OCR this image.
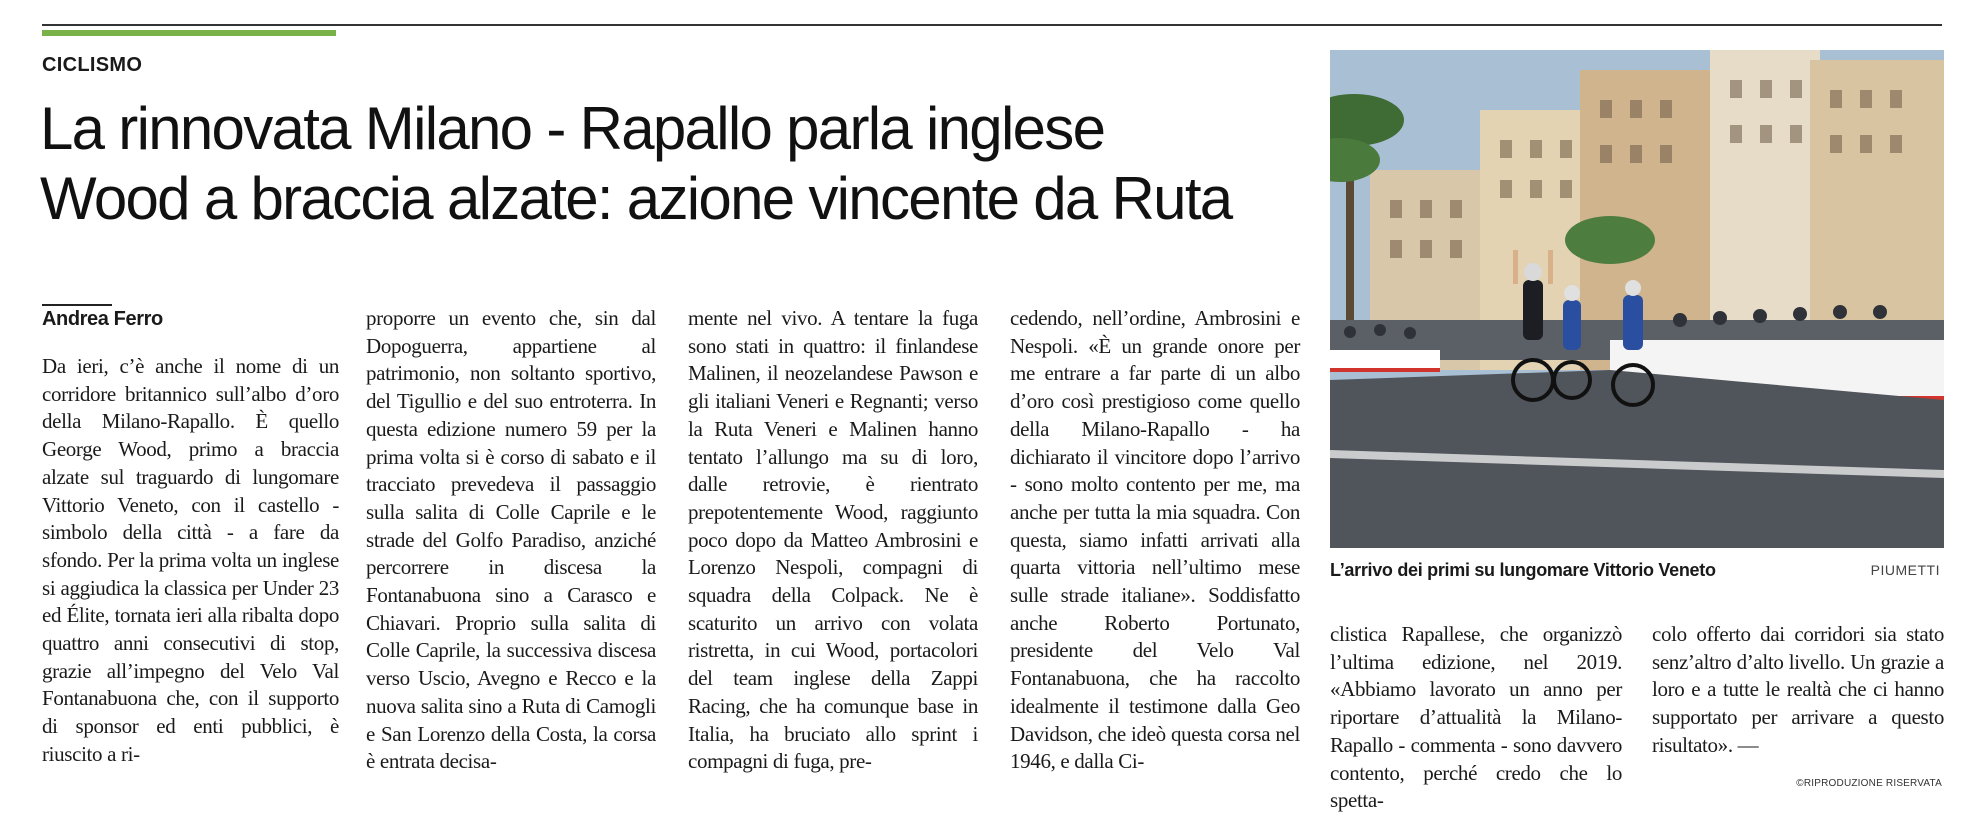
CICLISMO
La rinnovata Milano - Rapallo parla inglese
Wood a braccia alzate: azione vincente da Ruta
Andrea Ferro

Da ieri, c’è anche il nome di un corridore britannico sull’albo d’oro della Milano-Rapallo. È quello George Wood, primo a braccia alzate sul traguardo di lungomare Vittorio Veneto, con il castello - simbolo della città - a fare da sfondo. Per la prima volta un inglese si aggiudica la classica per Under 23 ed Élite, tornata ieri alla ribalta dopo quattro anni consecutivi di stop, grazie all’impegno del Velo Val Fontanabuona che, con il supporto di sponsor ed enti pubblici, è riuscito a ri-

proporre un evento che, sin dal Dopoguerra, appartiene al patrimonio, non soltanto sportivo, del Tigullio e del suo entroterra. In questa edizione numero 59 per la prima volta si è corso di sabato e il tracciato prevedeva il passaggio sulla salita di Colle Caprile e le strade del Golfo Paradiso, anziché percorrere in discesa la Fontanabuona sino a Carasco e Chiavari. Proprio sulla salita di Colle Caprile, la successiva discesa verso Uscio, Avegno e Recco e la nuova salita sino a Ruta di Camogli e San Lorenzo della Costa, la corsa è entrata decisa-

mente nel vivo. A tentare la fuga sono stati in quattro: il finlandese Malinen, il neozelandese Pawson e gli italiani Veneri e Regnanti; verso la Ruta Veneri e Malinen hanno tentato l’allungo ma su di loro, dalle retrovie, è rientrato prepotentemente Wood, raggiunto poco dopo da Matteo Ambrosini e Lorenzo Nespoli, compagni di squadra della Colpack. Ne è scaturito un arrivo con volata ristretta, in cui Wood, portacolori del team inglese della Zappi Racing, che ha comunque base in Italia, ha bruciato allo sprint i compagni di fuga, pre-

cedendo, nell’ordine, Ambrosini e Nespoli. «È un grande onore per me entrare a far parte di un albo d’oro così prestigioso come quello della Milano-Rapallo - ha dichiarato il vincitore dopo l’arrivo - sono molto contento per me, ma anche per tutta la mia squadra. Con questa, siamo infatti arrivati alla quarta vittoria nell’ultimo mese sulle strade italiane». Soddisfatto anche Roberto Portunato, presidente del Velo Val Fontanabuona, che ha raccolto idealmente il testimone dalla Geo Davidson, che ideò questa corsa nel 1946, e dalla Ci-

L’arrivo dei primi su lungomare Vittorio Veneto	PIUMETTI

clistica Rapallese, che organizzò l’ultima edizione, nel 2019. «Abbiamo lavorato un anno per riportare d’attualità la Milano-Rapallo - commenta - sono davvero contento, perché credo che lo spetta-

colo offerto dai corridori sia stato senz’altro d’alto livello. Un grazie a loro e a tutte le realtà che ci hanno supportato per arrivare a questo risultato». —

©RIPRODUZIONE RISERVATA
